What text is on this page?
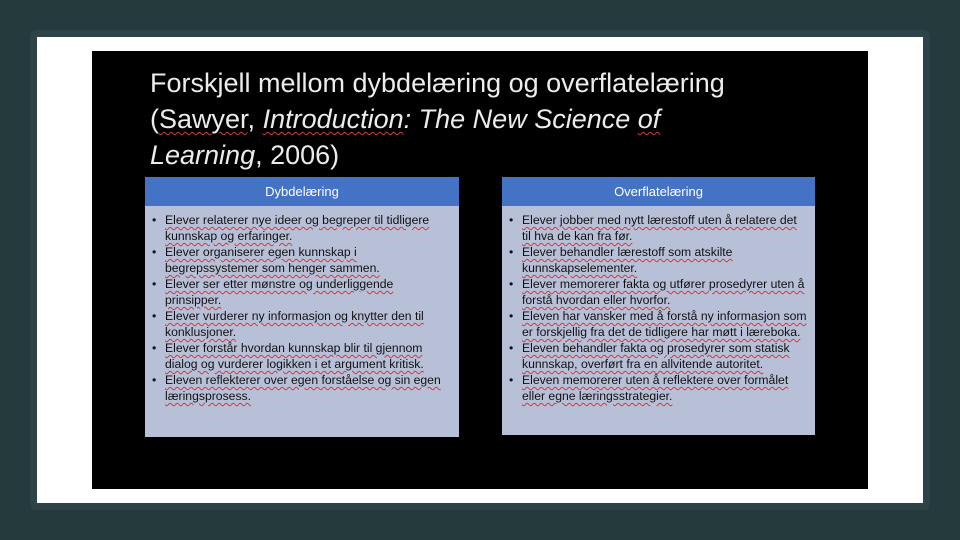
Forskjell mellom dybdelæring og overflatelæring
(Sawyer, Introduction: The New Science of
Learning, 2006)
Dybdelæring
• Elever relaterer nye ideer og begreper til tidligere kunnskap og erfaringer.
• Elever organiserer egen kunnskap i begrepssystemer som henger sammen.
• Elever ser etter mønstre og underliggende prinsipper.
• Elever vurderer ny informasjon og knytter den til konklusjoner.
• Elever forstår hvordan kunnskap blir til gjennom dialog og vurderer logikken i et argument kritisk.
• Eleven reflekterer over egen forståelse og sin egen læringsprosess.
Overflatelæring
• Elever jobber med nytt lærestoff uten å relatere det til hva de kan fra før.
• Elever behandler lærestoff som atskilte kunnskapselementer.
• Elever memorerer fakta og utfører prosedyrer uten å forstå hvordan eller hvorfor.
• Eleven har vansker med å forstå ny informasjon som er forskjellig fra det de tidligere har møtt i læreboka.
• Eleven behandler fakta og prosedyrer som statisk kunnskap, overført fra en allvitende autoritet.
• Eleven memorerer uten å reflektere over formålet eller egne læringsstrategier.
